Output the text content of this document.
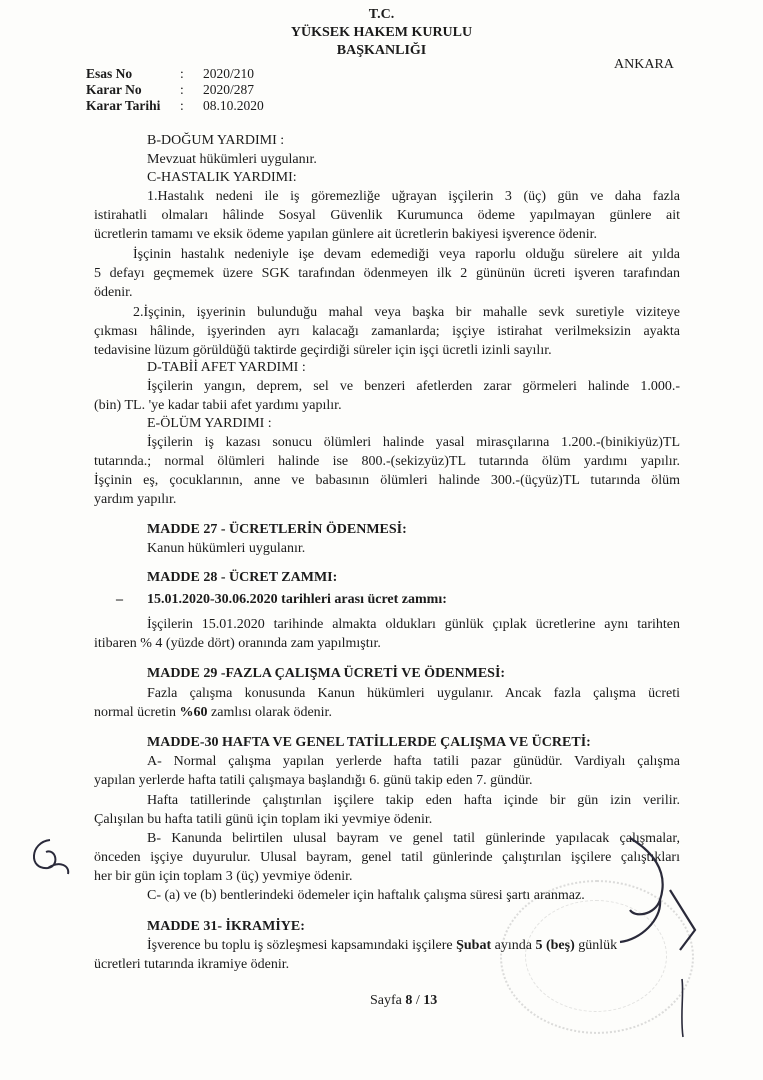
T.C.
YÜKSEK HAKEM KURULU
BAŞKANLIĞI
ANKARA
Esas No	: 2020/210
Karar No	: 2020/287
Karar Tarihi : 08.10.2020
B-DOĞUM YARDIMI :
Mevzuat hükümleri uygulanır.
C-HASTALIK YARDIMI:
1.Hastalık nedeni ile iş göremezliğe uğrayan işçilerin 3 (üç) gün ve daha fazla
istirahatli olmaları hâlinde Sosyal Güvenlik Kurumunca ödeme yapılmayan günlere ait
ücretlerin tamamı ve eksik ödeme yapılan günlere ait ücretlerin bakiyesi işverence ödenir.
İşçinin hastalık nedeniyle işe devam edemediği veya raporlu olduğu sürelere ait yılda
5 defayı geçmemek üzere SGK tarafından ödenmeyen ilk 2 gününün ücreti işveren tarafından
ödenir.
2.İşçinin, işyerinin bulunduğu mahal veya başka bir mahalle sevk suretiyle viziteye
çıkması hâlinde, işyerinden ayrı kalacağı zamanlarda; işçiye istirahat verilmeksizin ayakta
tedavisine lüzum görüldüğü taktirde geçirdiği süreler için işçi ücretli izinli sayılır.
D-TABİİ AFET YARDIMI :
İşçilerin yangın, deprem, sel ve benzeri afetlerden zarar görmeleri halinde 1.000.-
(bin) TL. 'ye kadar tabii afet yardımı yapılır.
E-ÖLÜM YARDIMI :
İşçilerin iş kazası sonucu ölümleri halinde yasal mirasçılarına 1.200.-(binikiyüz)TL
tutarında.; normal ölümleri halinde ise 800.-(sekizyüz)TL tutarında ölüm yardımı yapılır.
İşçinin eş, çocuklarının, anne ve babasının ölümleri halinde 300.-(üçyüz)TL tutarında ölüm
yardım yapılır.
MADDE 27 - ÜCRETLERİN ÖDENMESİ:
Kanun hükümleri uygulanır.
MADDE 28 - ÜCRET ZAMMI:
– 15.01.2020-30.06.2020 tarihleri arası ücret zammı:
İşçilerin 15.01.2020 tarihinde almakta oldukları günlük çıplak ücretlerine aynı tarihten
itibaren % 4 (yüzde dört) oranında zam yapılmıştır.
MADDE 29 -FAZLA ÇALIŞMA ÜCRETİ VE ÖDENMESİ:
Fazla çalışma konusunda Kanun hükümleri uygulanır. Ancak fazla çalışma ücreti
normal ücretin %60 zamlısı olarak ödenir.
MADDE-30 HAFTA VE GENEL TATİLLERDE ÇALIŞMA VE ÜCRETİ:
A- Normal çalışma yapılan yerlerde hafta tatili pazar günüdür. Vardiyalı çalışma
yapılan yerlerde hafta tatili çalışmaya başlandığı 6. günü takip eden 7. gündür.
Hafta tatillerinde çalıştırılan işçilere takip eden hafta içinde bir gün izin verilir.
Çalışılan bu hafta tatili günü için toplam iki yevmiye ödenir.
B- Kanunda belirtilen ulusal bayram ve genel tatil günlerinde yapılacak çalışmalar,
önceden işçiye duyurulur. Ulusal bayram, genel tatil günlerinde çalıştırılan işçilere çalıştıkları
her bir gün için toplam 3 (üç) yevmiye ödenir.
C- (a) ve (b) bentlerindeki ödemeler için haftalık çalışma süresi şartı aranmaz.
MADDE 31- İKRAMİYE:
İşverence bu toplu iş sözleşmesi kapsamındaki işçilere Şubat ayında 5 (beş) günlük
ücretleri tutarında ikramiye ödenir.
Sayfa 8 / 13
